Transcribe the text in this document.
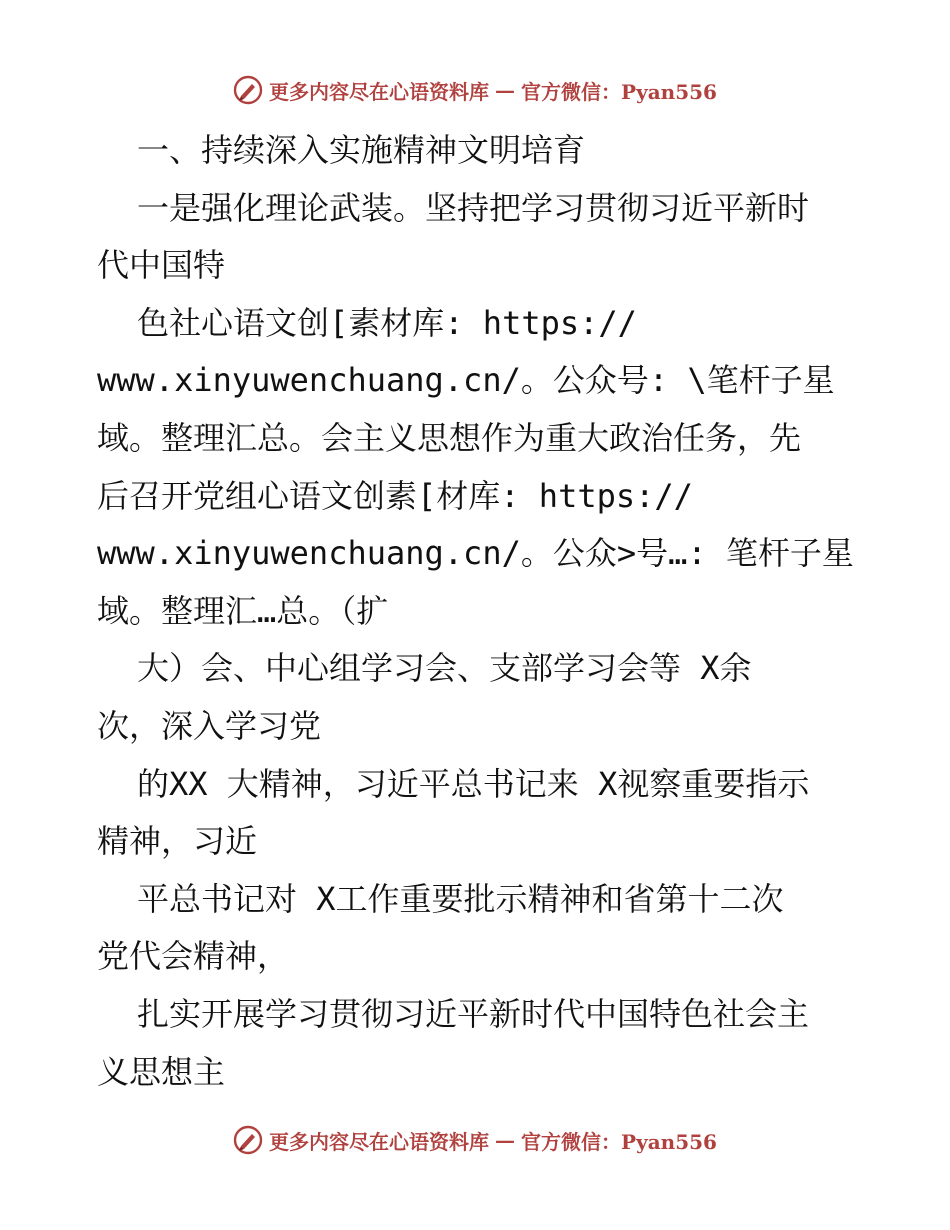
更多内容尽在心语资料库 — 官方微信：Pyan556
一、持续深入实施精神文明培育
一是强化理论武装。坚持把学习贯彻习近平新时
代中国特
色社心语文创[素材库: https://
www.xinyuwenchuang.cn/。公众号: \笔杆子星
域。整理汇总。会主义思想作为重大政治任务，先
后召开党组心语文创素[材库: https://
www.xinyuwenchuang.cn/。公众>号…: 笔杆子星
域。整理汇…总。（扩
大）会、中心组学习会、支部学习会等 X余
次，深入学习党
的XX 大精神，习近平总书记来 X视察重要指示
精神，习近
平总书记对 X工作重要批示精神和省第十二次
党代会精神，
扎实开展学习贯彻习近平新时代中国特色社会主
义思想主
更多内容尽在心语资料库 — 官方微信：Pyan556
